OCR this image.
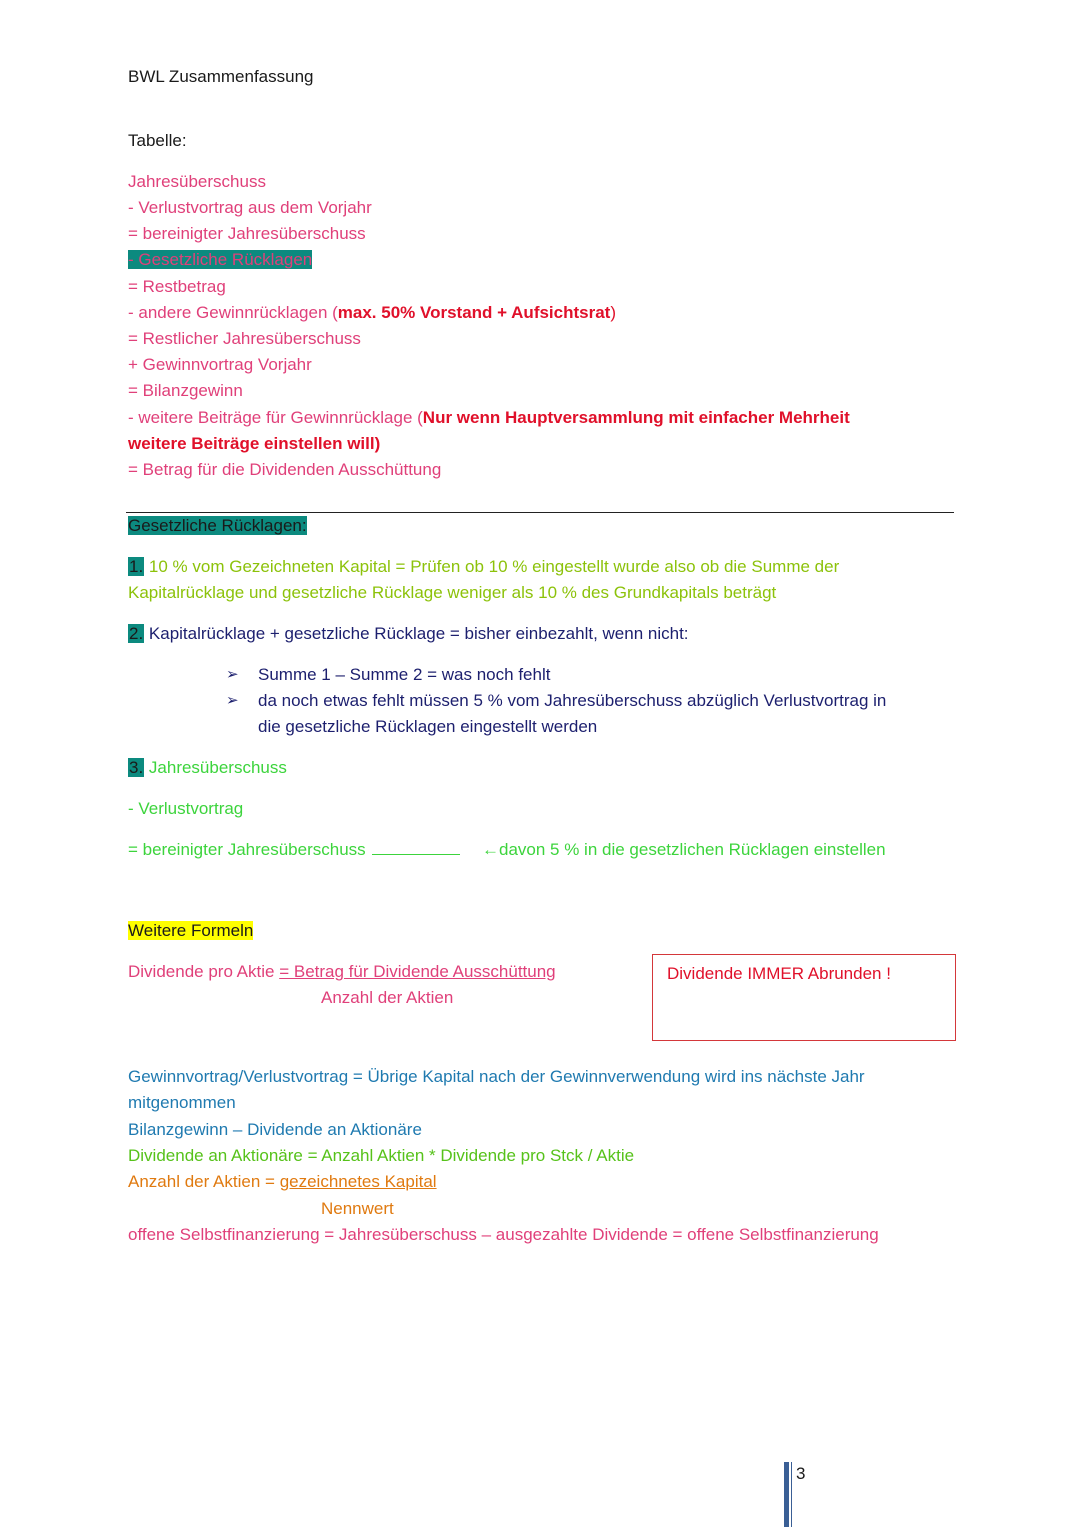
BWL Zusammenfassung
Tabelle:
Jahresüberschuss
- Verlustvortrag aus dem Vorjahr
= bereinigter Jahresüberschuss
- Gesetzliche Rücklagen
= Restbetrag
- andere Gewinnrücklagen (max. 50% Vorstand + Aufsichtsrat)
= Restlicher Jahresüberschuss
+ Gewinnvortrag Vorjahr
= Bilanzgewinn
- weitere Beiträge für Gewinnrücklage (Nur wenn Hauptversammlung mit einfacher Mehrheit
weitere Beiträge einstellen will)
= Betrag für die Dividenden Ausschüttung
Gesetzliche Rücklagen:
1. 10 % vom Gezeichneten Kapital = Prüfen ob 10 % eingestellt wurde also ob die Summe der
Kapitalrücklage und gesetzliche Rücklage weniger als 10 % des Grundkapitals beträgt
2. Kapitalrücklage + gesetzliche Rücklage = bisher einbezahlt, wenn nicht:
➢ Summe 1 – Summe 2 = was noch fehlt
➢ da noch etwas fehlt müssen 5 % vom Jahresüberschuss abzüglich Verlustvortrag in
die gesetzliche Rücklagen eingestellt werden
3. Jahresüberschuss
- Verlustvortrag
= bereinigter Jahresüberschuss	←davon 5 % in die gesetzlichen Rücklagen einstellen
Weitere Formeln
Dividende pro Aktie = Betrag für Dividende Ausschüttung
Anzahl der Aktien
Dividende IMMER Abrunden !
Gewinnvortrag/Verlustvortrag = Übrige Kapital nach der Gewinnverwendung wird ins nächste Jahr
mitgenommen
Bilanzgewinn – Dividende an Aktionäre
Dividende an Aktionäre = Anzahl Aktien * Dividende pro Stck / Aktie
Anzahl der Aktien = gezeichnetes Kapital
Nennwert
offene Selbstfinanzierung = Jahresüberschuss – ausgezahlte Dividende = offene Selbstfinanzierung
3
